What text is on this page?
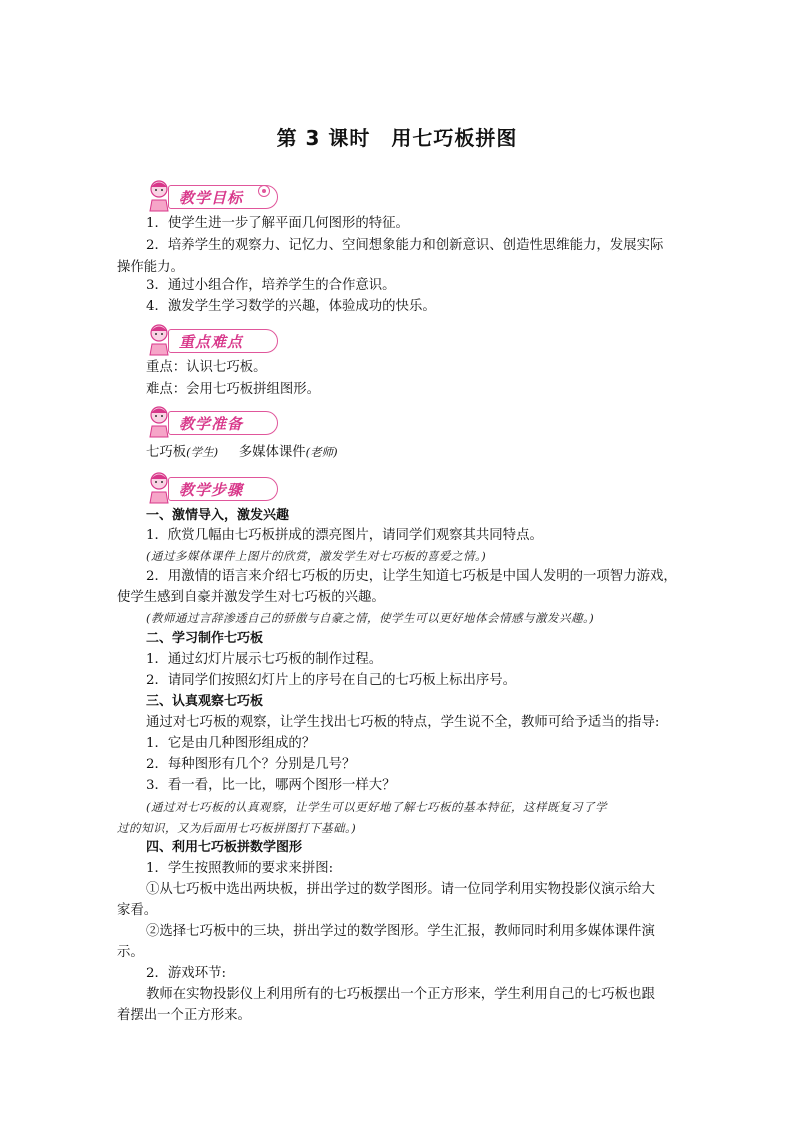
第 3 课时　用七巧板拼图
教学目标
1．使学生进一步了解平面几何图形的特征。
2．培养学生的观察力、记忆力、空间想象能力和创新意识、创造性思维能力，发展实际
操作能力。
3．通过小组合作，培养学生的合作意识。
4．激发学生学习数学的兴趣，体验成功的快乐。
重点难点
重点：认识七巧板。
难点：会用七巧板拼组图形。
教学准备
七巧板(学生) 多媒体课件(老师)
教学步骤
一、激情导入，激发兴趣
1．欣赏几幅由七巧板拼成的漂亮图片，请同学们观察其共同特点。
(通过多媒体课件上图片的欣赏，激发学生对七巧板的喜爱之情。)
2．用激情的语言来介绍七巧板的历史，让学生知道七巧板是中国人发明的一项智力游戏，
使学生感到自豪并激发学生对七巧板的兴趣。
(教师通过言辞渗透自己的骄傲与自豪之情，使学生可以更好地体会情感与激发兴趣。)
二、学习制作七巧板
1．通过幻灯片展示七巧板的制作过程。
2．请同学们按照幻灯片上的序号在自己的七巧板上标出序号。
三、认真观察七巧板
通过对七巧板的观察，让学生找出七巧板的特点，学生说不全，教师可给予适当的指导:
1．它是由几种图形组成的？
2．每种图形有几个？分别是几号？
3．看一看，比一比，哪两个图形一样大？
(通过对七巧板的认真观察，让学生可以更好地了解七巧板的基本特征，这样既复习了学
过的知识，又为后面用七巧板拼图打下基础。)
四、利用七巧板拼数学图形
1．学生按照教师的要求来拼图:
①从七巧板中选出两块板，拼出学过的数学图形。请一位同学利用实物投影仪演示给大
家看。
②选择七巧板中的三块，拼出学过的数学图形。学生汇报，教师同时利用多媒体课件演
示。
2．游戏环节:
教师在实物投影仪上利用所有的七巧板摆出一个正方形来，学生利用自己的七巧板也跟
着摆出一个正方形来。
